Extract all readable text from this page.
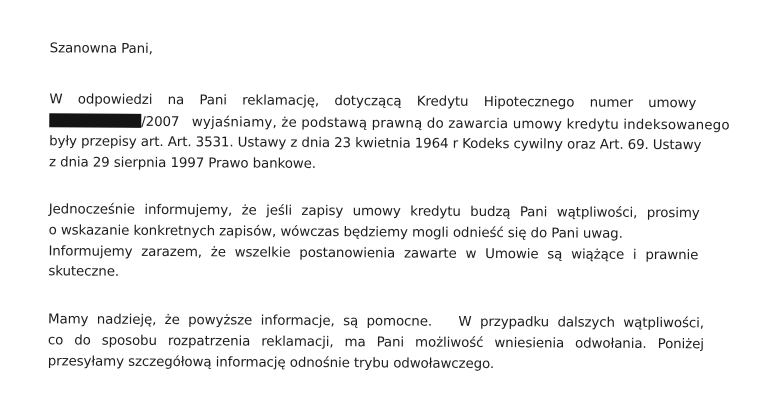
Szanowna Pani,
W odpowiedzi na Pani reklamację, dotyczącą Kredytu Hipotecznego numer umowy
/2007 wyjaśniamy, że podstawą prawną do zawarcia umowy kredytu indeksowanego
były przepisy art. Art. 3531. Ustawy z dnia 23 kwietnia 1964 r Kodeks cywilny oraz Art. 69. Ustawy
z dnia 29 sierpnia 1997 Prawo bankowe.
Jednocześnie informujemy, że jeśli zapisy umowy kredytu budzą Pani wątpliwości, prosimy
o wskazanie konkretnych zapisów, wówczas będziemy mogli odnieść się do Pani uwag.
Informujemy zarazem, że wszelkie postanowienia zawarte w Umowie są wiążące i prawnie
skuteczne.
Mamy nadzieję, że powyższe informacje, są pomocne. W przypadku dalszych wątpliwości,
co do sposobu rozpatrzenia reklamacji, ma Pani możliwość wniesienia odwołania. Poniżej
przesyłamy szczegółową informację odnośnie trybu odwoławczego.
